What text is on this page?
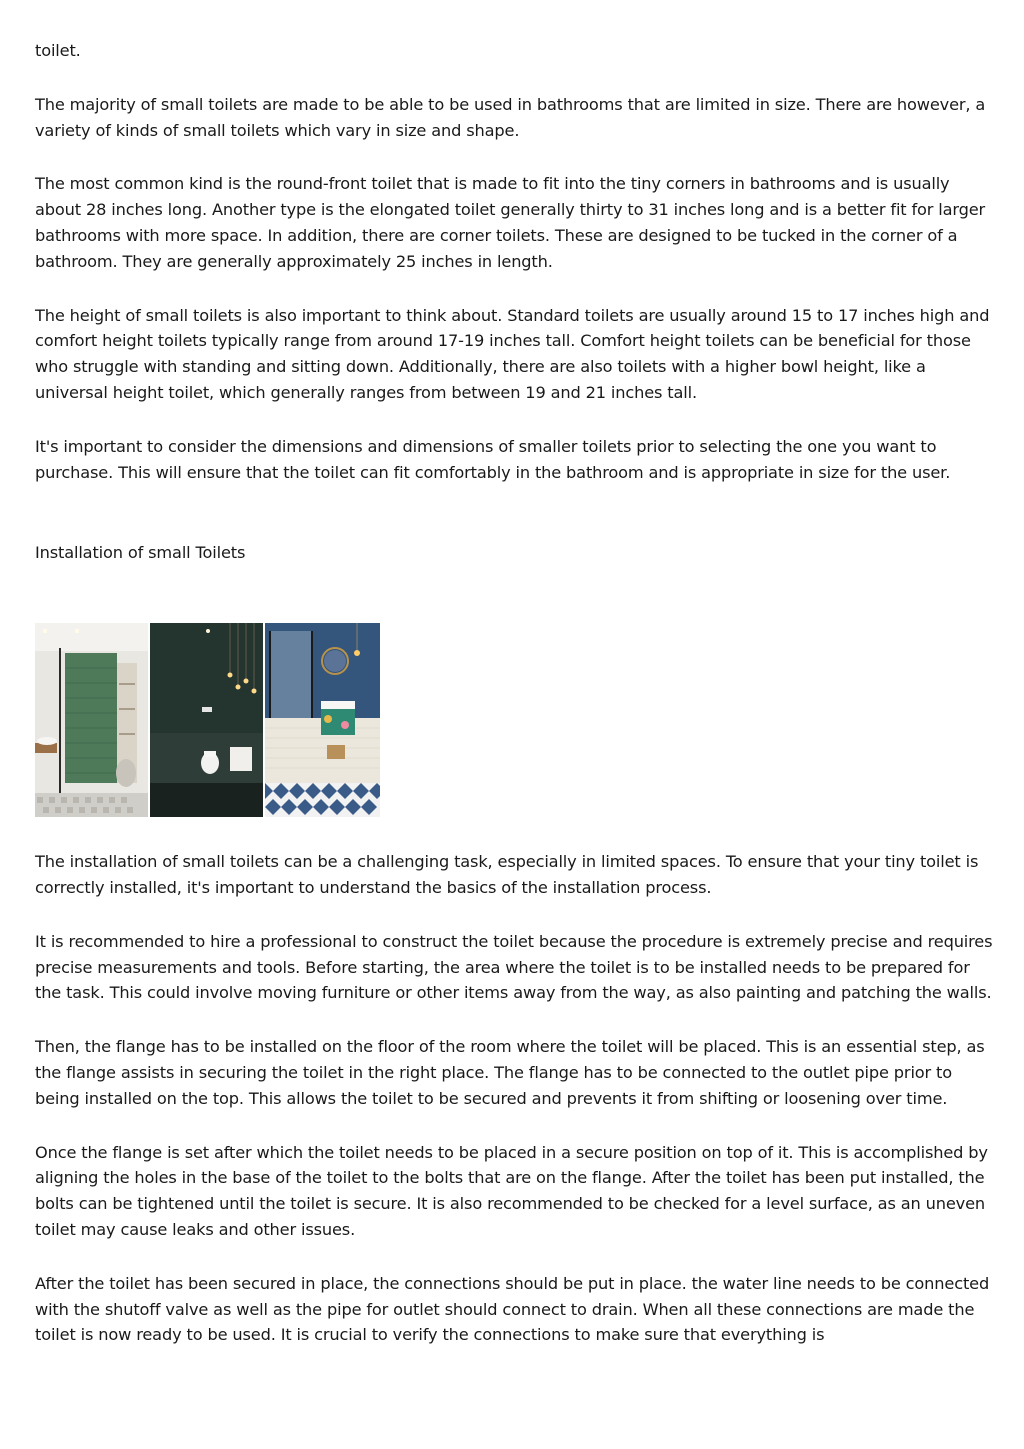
toilet.

The majority of small toilets are made to be able to be used in bathrooms that are limited in size. There are however, a variety of kinds of small toilets which vary in size and shape.

The most common kind is the round-front toilet that is made to fit into the tiny corners in bathrooms and is usually about 28 inches long. Another type is the elongated toilet generally thirty to 31 inches long and is a better fit for larger bathrooms with more space. In addition, there are corner toilets. These are designed to be tucked in the corner of a bathroom. They are generally approximately 25 inches in length.

The height of small toilets is also important to think about. Standard toilets are usually around 15 to 17 inches high and comfort height toilets typically range from around 17-19 inches tall. Comfort height toilets can be beneficial for those who struggle with standing and sitting down. Additionally, there are also toilets with a higher bowl height, like a universal height toilet, which generally ranges from between 19 and 21 inches tall.

It's important to consider the dimensions and dimensions of smaller toilets prior to selecting the one you want to purchase. This will ensure that the toilet can fit comfortably in the bathroom and is appropriate in size for the user.

Installation of small Toilets

The installation of small toilets can be a challenging task, especially in limited spaces. To ensure that your tiny toilet is correctly installed, it's important to understand the basics of the installation process.

It is recommended to hire a professional to construct the toilet because the procedure is extremely precise and requires precise measurements and tools. Before starting, the area where the toilet is to be installed needs to be prepared for the task. This could involve moving furniture or other items away from the way, as also painting and patching the walls.

Then, the flange has to be installed on the floor of the room where the toilet will be placed. This is an essential step, as the flange assists in securing the toilet in the right place. The flange has to be connected to the outlet pipe prior to being installed on the top. This allows the toilet to be secured and prevents it from shifting or loosening over time.

Once the flange is set after which the toilet needs to be placed in a secure position on top of it. This is accomplished by aligning the holes in the base of the toilet to the bolts that are on the flange. After the toilet has been put installed, the bolts can be tightened until the toilet is secure. It is also recommended to be checked for a level surface, as an uneven toilet may cause leaks and other issues.

After the toilet has been secured in place, the connections should be put in place. the water line needs to be connected with the shutoff valve as well as the pipe for outlet should connect to drain. When all these connections are made the toilet is now ready to be used. It is crucial to verify the connections to make sure that everything is
